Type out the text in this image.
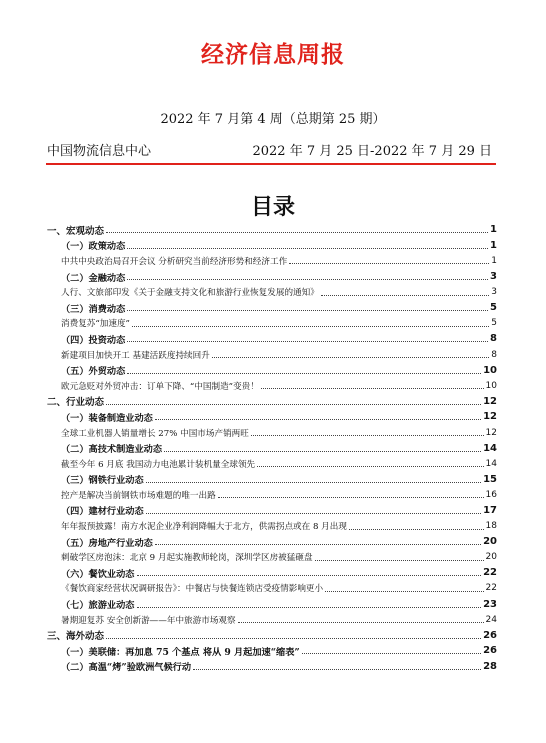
经济信息周报
2022 年 7 月第 4 周（总期第 25 期）
中国物流信息中心	2022 年 7 月 25 日-2022 年 7 月 29 日
目录
一、宏观动态	1
（一）政策动态	1
中共中央政治局召开会议 分析研究当前经济形势和经济工作	1
（二）金融动态	3
人行、文旅部印发《关于金融支持文化和旅游行业恢复发展的通知》	3
（三）消费动态	5
消费复苏“加速度”	5
（四）投资动态	8
新建项目加快开工 基建活跃度持续回升	8
（五）外贸动态	10
欧元急贬对外贸冲击：订单下降、“中国制造”变贵！	10
二、行业动态	12
（一）装备制造业动态	12
全球工业机器人销量增长 27% 中国市场产销两旺	12
（二）高技术制造业动态	14
截至今年 6 月底 我国动力电池累计装机量全球领先	14
（三）钢铁行业动态	15
控产是解决当前钢铁市场难题的唯一出路	16
（四）建材行业动态	17
年年报预披露！南方水泥企业净利润降幅大于北方，供需拐点或在 8 月出现	18
（五）房地产行业动态	20
刺破学区房泡沫：北京 9 月起实施教师轮岗，深圳学区房被猛砸盘	20
（六）餐饮业动态	22
《餐饮商家经营状况调研报告》：中餐店与快餐连锁店受疫情影响更小	22
（七）旅游业动态	23
暑期迎复苏 安全创新游——年中旅游市场观察	24
三、海外动态	26
（一）美联储：再加息 75 个基点 将从 9 月起加速“缩表”	26
（二）高温“烤”验欧洲气候行动	28
